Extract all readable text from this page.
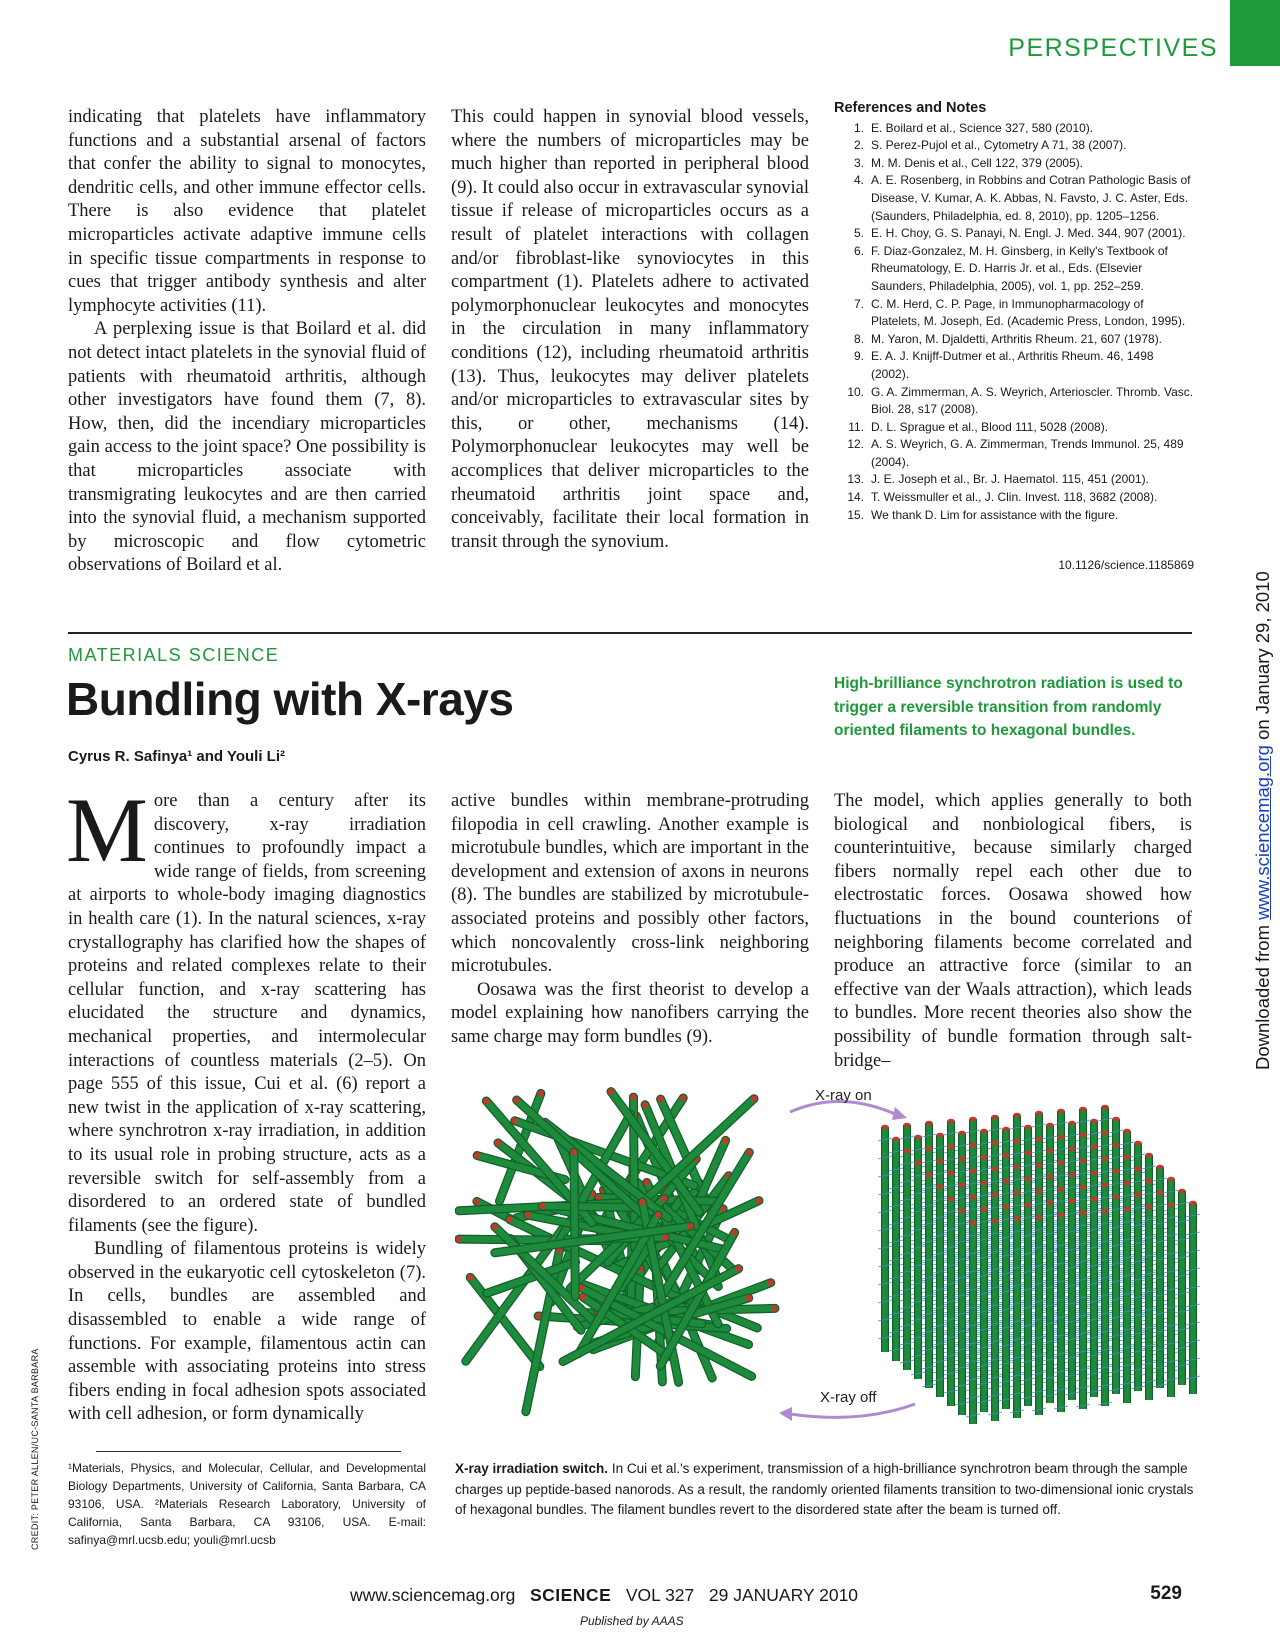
PERSPECTIVES

indicating that platelets have inflammatory functions and a substantial arsenal of factors that confer the ability to signal to monocytes, dendritic cells, and other immune effector cells. There is also evidence that platelet microparticles activate adaptive immune cells in specific tissue compartments in response to cues that trigger antibody synthesis and alter lymphocyte activities (11).

A perplexing issue is that Boilard et al. did not detect intact platelets in the synovial fluid of patients with rheumatoid arthritis, although other investigators have found them (7, 8). How, then, did the incendiary microparticles gain access to the joint space? One possibility is that microparticles associate with transmigrating leukocytes and are then carried into the synovial fluid, a mechanism supported by microscopic and flow cytometric observations of Boilard et al.

This could happen in synovial blood vessels, where the numbers of microparticles may be much higher than reported in peripheral blood (9). It could also occur in extravascular synovial tissue if release of microparticles occurs as a result of platelet interactions with collagen and/or fibroblast-like synoviocytes in this compartment (1). Platelets adhere to activated polymorphonuclear leukocytes and monocytes in the circulation in many inflammatory conditions (12), including rheumatoid arthritis (13). Thus, leukocytes may deliver platelets and/or microparticles to extravascular sites by this, or other, mechanisms (14). Polymorphonuclear leukocytes may well be accomplices that deliver microparticles to the rheumatoid arthritis joint space and, conceivably, facilitate their local formation in transit through the synovium.

References and Notes
1. E. Boilard et al., Science 327, 580 (2010).
2. S. Perez-Pujol et al., Cytometry A 71, 38 (2007).
3. M. M. Denis et al., Cell 122, 379 (2005).
4. A. E. Rosenberg, in Robbins and Cotran Pathologic Basis of Disease, V. Kumar, A. K. Abbas, N. Favsto, J. C. Aster, Eds. (Saunders, Philadelphia, ed. 8, 2010), pp. 1205–1256.
5. E. H. Choy, G. S. Panayi, N. Engl. J. Med. 344, 907 (2001).
6. F. Diaz-Gonzalez, M. H. Ginsberg, in Kelly's Textbook of Rheumatology, E. D. Harris Jr. et al., Eds. (Elsevier Saunders, Philadelphia, 2005), vol. 1, pp. 252–259.
7. C. M. Herd, C. P. Page, in Immunopharmacology of Platelets, M. Joseph, Ed. (Academic Press, London, 1995).
8. M. Yaron, M. Djaldetti, Arthritis Rheum. 21, 607 (1978).
9. E. A. J. Knijff-Dutmer et al., Arthritis Rheum. 46, 1498 (2002).
10. G. A. Zimmerman, A. S. Weyrich, Arterioscler. Thromb. Vasc. Biol. 28, s17 (2008).
11. D. L. Sprague et al., Blood 111, 5028 (2008).
12. A. S. Weyrich, G. A. Zimmerman, Trends Immunol. 25, 489 (2004).
13. J. E. Joseph et al., Br. J. Haematol. 115, 451 (2001).
14. T. Weissmuller et al., J. Clin. Invest. 118, 3682 (2008).
15. We thank D. Lim for assistance with the figure.
10.1126/science.1185869
MATERIALS SCIENCE
Bundling with X-rays
Cyrus R. Safinya¹ and Youli Li²
High-brilliance synchrotron radiation is used to trigger a reversible transition from randomly oriented filaments to hexagonal bundles.

More than a century after its discovery, x-ray irradiation continues to profoundly impact a wide range of fields, from screening at airports to whole-body imaging diagnostics in health care (1). In the natural sciences, x-ray crystallography has clarified how the shapes of proteins and related complexes relate to their cellular function, and x-ray scattering has elucidated the structure and dynamics, mechanical properties, and intermolecular interactions of countless materials (2–5). On page 555 of this issue, Cui et al. (6) report a new twist in the application of x-ray scattering, where synchrotron x-ray irradiation, in addition to its usual role in probing structure, acts as a reversible switch for self-assembly from a disordered to an ordered state of bundled filaments (see the figure).

Bundling of filamentous proteins is widely observed in the eukaryotic cell cytoskeleton (7). In cells, bundles are assembled and disassembled to enable a wide range of functions. For example, filamentous actin can assemble with associating proteins into stress fibers ending in focal adhesion spots associated with cell adhesion, or form dynamically

active bundles within membrane-protruding filopodia in cell crawling. Another example is microtubule bundles, which are important in the development and extension of axons in neurons (8). The bundles are stabilized by microtubule-associated proteins and possibly other factors, which noncovalently cross-link neighboring microtubules.

Oosawa was the first theorist to develop a model explaining how nanofibers carrying the same charge may form bundles (9).

The model, which applies generally to both biological and nonbiological fibers, is counterintuitive, because similarly charged fibers normally repel each other due to electrostatic forces. Oosawa showed how fluctuations in the bound counterions of neighboring filaments become correlated and produce an attractive force (similar to an effective van der Waals attraction), which leads to bundles. More recent theories also show the possibility of bundle formation through salt-bridge–

X-ray on
X-ray off
X-ray irradiation switch. In Cui et al.'s experiment, transmission of a high-brilliance synchrotron beam through the sample charges up peptide-based nanorods. As a result, the randomly oriented filaments transition to two-dimensional ionic crystals of hexagonal bundles. The filament bundles revert to the disordered state after the beam is turned off.
¹Materials, Physics, and Molecular, Cellular, and Developmental Biology Departments, University of California, Santa Barbara, CA 93106, USA. ²Materials Research Laboratory, University of California, Santa Barbara, CA 93106, USA. E-mail: safinya@mrl.ucsb.edu; youli@mrl.ucsb
CREDIT: PETER ALLEN/UC-SANTA BARBARA
Downloaded from www.sciencemag.org on January 29, 2010
www.sciencemag.org SCIENCE VOL 327 29 JANUARY 2010	529
Published by AAAS
